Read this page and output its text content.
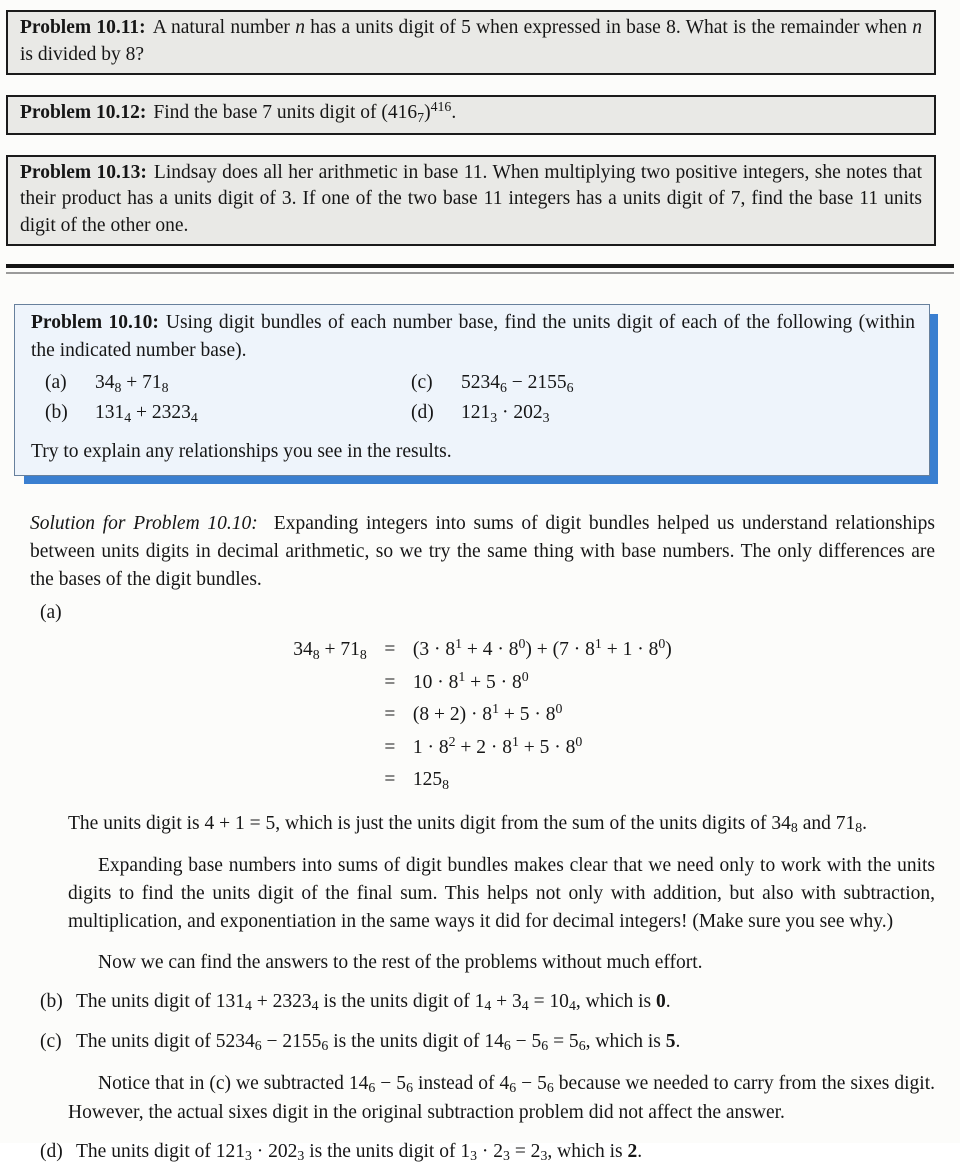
Problem 10.11: A natural number n has a units digit of 5 when expressed in base 8. What is the remainder when n is divided by 8?

Problem 10.12: Find the base 7 units digit of $(4167)^{416}$.

Problem 10.13: Lindsay does all her arithmetic in base 11. When multiplying two positive integers, she notes that their product has a units digit of 3. If one of the two base 11 integers has a units digit of 7, find the base 11 units digit of the other one.

Problem 10.10: Using digit bundles of each number base, find the units digit of each of the following (within the indicated number base).

(a)	348 + 718	(c)	52346 − 21556
(b)	1314 + 23234	(d)	1213 · 2023

Try to explain any relationships you see in the results.

Solution for Problem 10.10: Expanding integers into sums of digit bundles helped us understand relationships between units digits in decimal arithmetic, so we try the same thing with base numbers. The only differences are the bases of the digit bundles.

(a)

$348 + 718 = (3 \cdot 8^1 + 4 \cdot 8^0) + (7 \cdot 8^1 + 1 \cdot 8^0)$
= $10 \cdot 8^1 + 5 \cdot 8^0$
= $(8 + 2) \cdot 8^1 + 5 \cdot 8^0$
= $1 \cdot 8^2 + 2 \cdot 8^1 + 5 \cdot 8^0$
= 1258

The units digit is 4 + 1 = 5, which is just the units digit from the sum of the units digits of 348 and 718.

Expanding base numbers into sums of digit bundles makes clear that we need only to work with the units digits to find the units digit of the final sum. This helps not only with addition, but also with subtraction, multiplication, and exponentiation in the same ways it did for decimal integers! (Make sure you see why.)

Now we can find the answers to the rest of the problems without much effort.

(b) The units digit of 1314 + 23234 is the units digit of 14 + 34 = 104, which is 0.
(c) The units digit of 52346 − 21556 is the units digit of 146 − 56 = 56, which is 5.

Notice that in (c) we subtracted 146 − 56 instead of 46 − 56 because we needed to carry from the sixes digit. However, the actual sixes digit in the original subtraction problem did not affect the answer.

(d) The units digit of 1213 · 2023 is the units digit of 13 · 23 = 23, which is 2.
